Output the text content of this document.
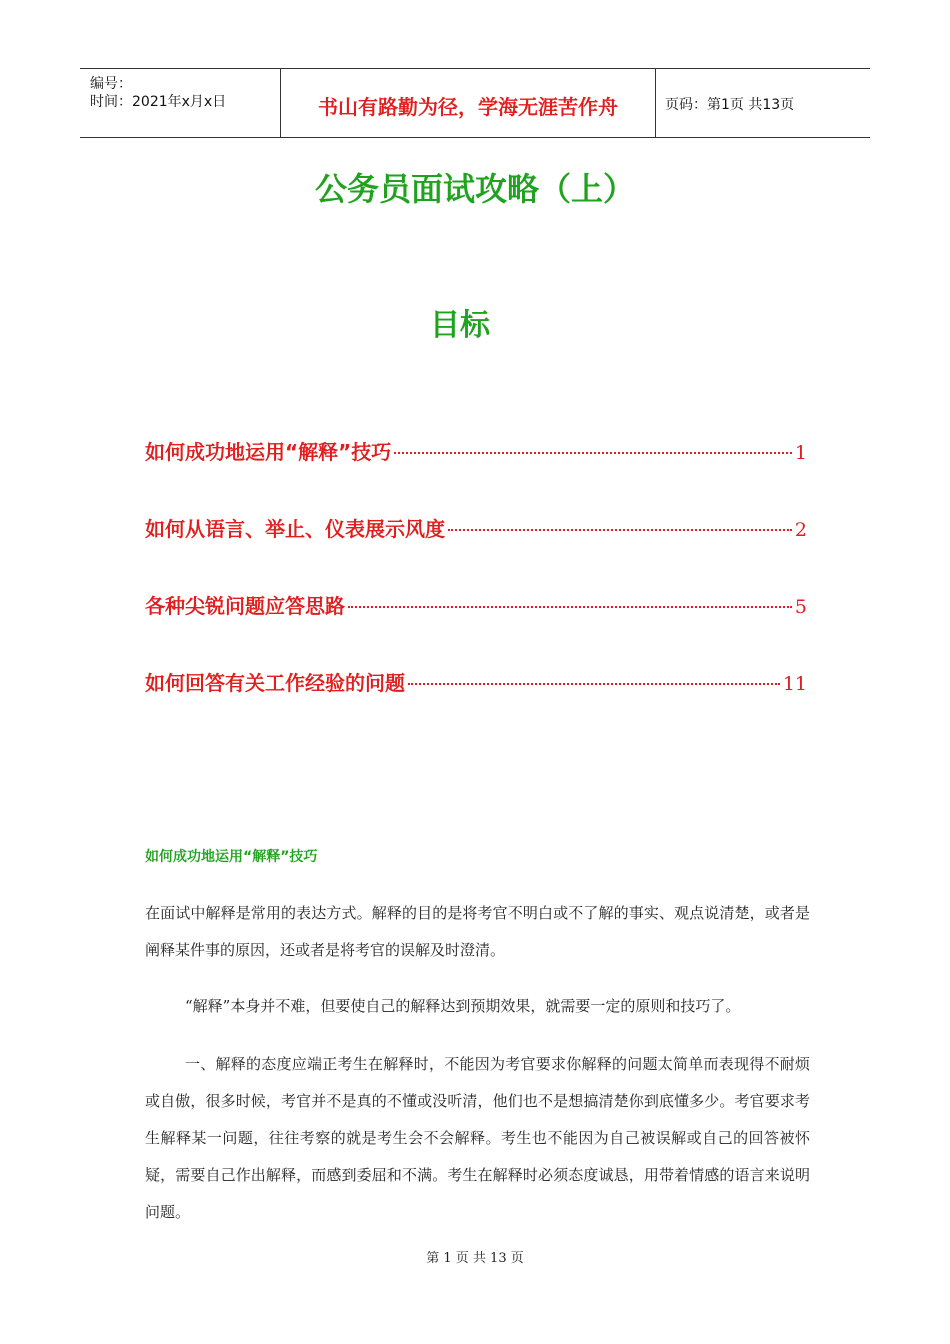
编号：
时间：2021年x月x日	书山有路勤为径，学海无涯苦作舟	页码：第1页 共13页
公务员面试攻略（上）
目标
如何成功地运用“解释”技巧	1
如何从语言、举止、仪表展示风度	2
各种尖锐问题应答思路	5
如何回答有关工作经验的问题	11
如何成功地运用“解释”技巧

在面试中解释是常用的表达方式。解释的目的是将考官不明白或不了解的事实、观点说清楚，或者是阐释某件事的原因，还或者是将考官的误解及时澄清。

“解释”本身并不难，但要使自己的解释达到预期效果，就需要一定的原则和技巧了。

一、解释的态度应端正考生在解释时，不能因为考官要求你解释的问题太简单而表现得不耐烦或自傲，很多时候，考官并不是真的不懂或没听清，他们也不是想搞清楚你到底懂多少。考官要求考生解释某一问题，往往考察的就是考生会不会解释。考生也不能因为自己被误解或自己的回答被怀疑，需要自己作出解释，而感到委屈和不满。考生在解释时必须态度诚恳，用带着情感的语言来说明问题。

第 1 页 共 13 页
